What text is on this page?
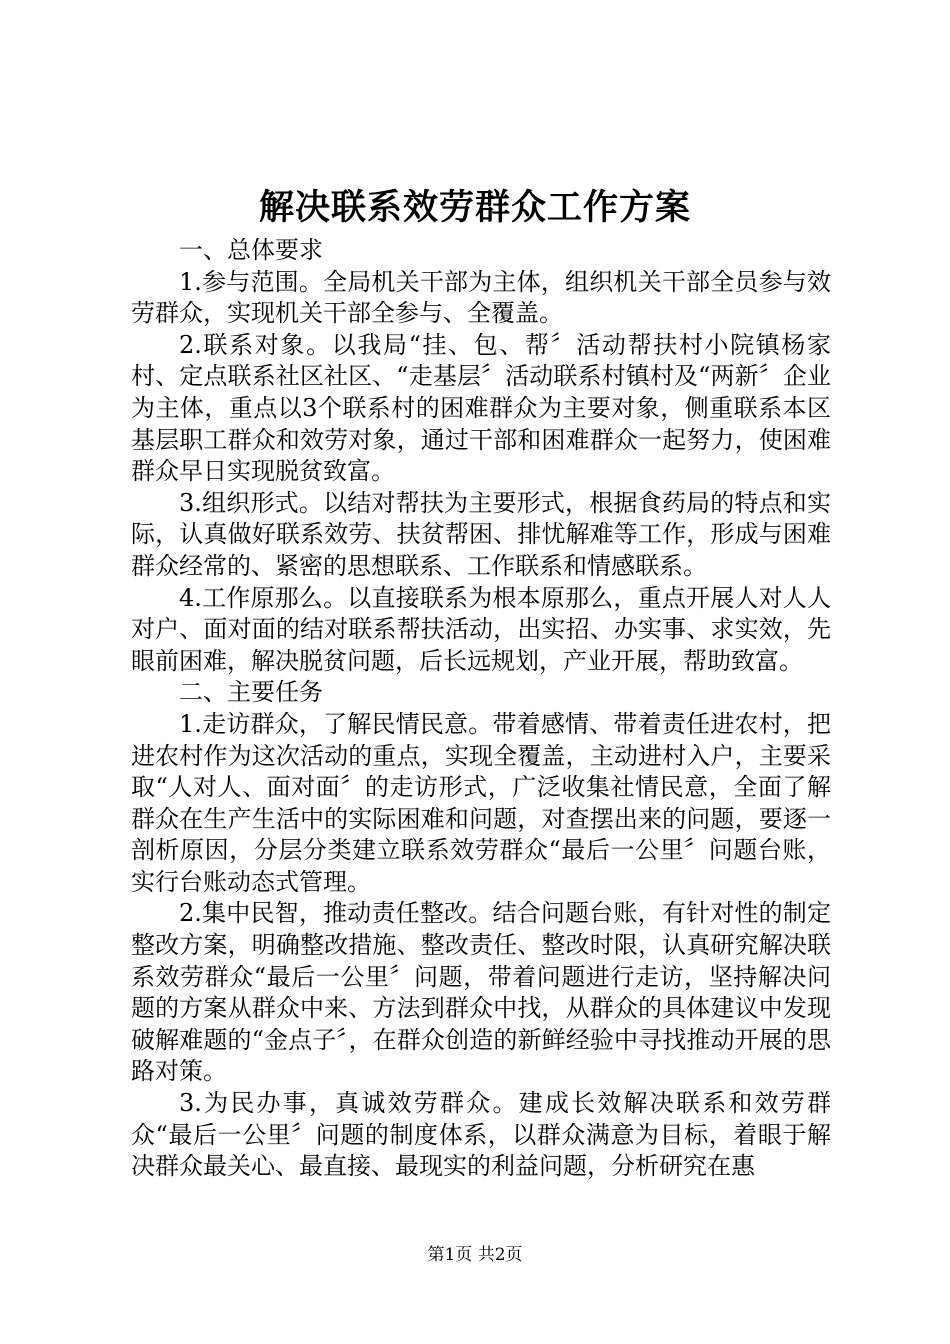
解决联系效劳群众工作方案

一、总体要求

1.参与范围。全局机关干部为主体，组织机关干部全员参与效劳群众，实现机关干部全参与、全覆盖。

2.联系对象。以我局“挂、包、帮〞活动帮扶村小院镇杨家村、定点联系社区社区、“走基层〞活动联系村镇村及“两新〞企业为主体，重点以3个联系村的困难群众为主要对象，侧重联系本区基层职工群众和效劳对象，通过干部和困难群众一起努力，使困难群众早日实现脱贫致富。

3.组织形式。以结对帮扶为主要形式，根据食药局的特点和实际，认真做好联系效劳、扶贫帮困、排忧解难等工作，形成与困难群众经常的、紧密的思想联系、工作联系和情感联系。

4.工作原那么。以直接联系为根本原那么，重点开展人对人人对户、面对面的结对联系帮扶活动，出实招、办实事、求实效，先眼前困难，解决脱贫问题，后长远规划，产业开展，帮助致富。

二、主要任务

1.走访群众，了解民情民意。带着感情、带着责任进农村，把进农村作为这次活动的重点，实现全覆盖，主动进村入户，主要采取“人对人、面对面〞的走访形式，广泛收集社情民意，全面了解群众在生产生活中的实际困难和问题，对查摆出来的问题，要逐一剖析原因，分层分类建立联系效劳群众“最后一公里〞问题台账，实行台账动态式管理。

2.集中民智，推动责任整改。结合问题台账，有针对性的制定整改方案，明确整改措施、整改责任、整改时限，认真研究解决联系效劳群众“最后一公里〞问题，带着问题进行走访，坚持解决问题的方案从群众中来、方法到群众中找，从群众的具体建议中发现破解难题的“金点子〞，在群众创造的新鲜经验中寻找推动开展的思路对策。

3.为民办事，真诚效劳群众。建成长效解决联系和效劳群众“最后一公里〞问题的制度体系，以群众满意为目标，着眼于解决群众最关心、最直接、最现实的利益问题，分析研究在惠

第1页 共2页
